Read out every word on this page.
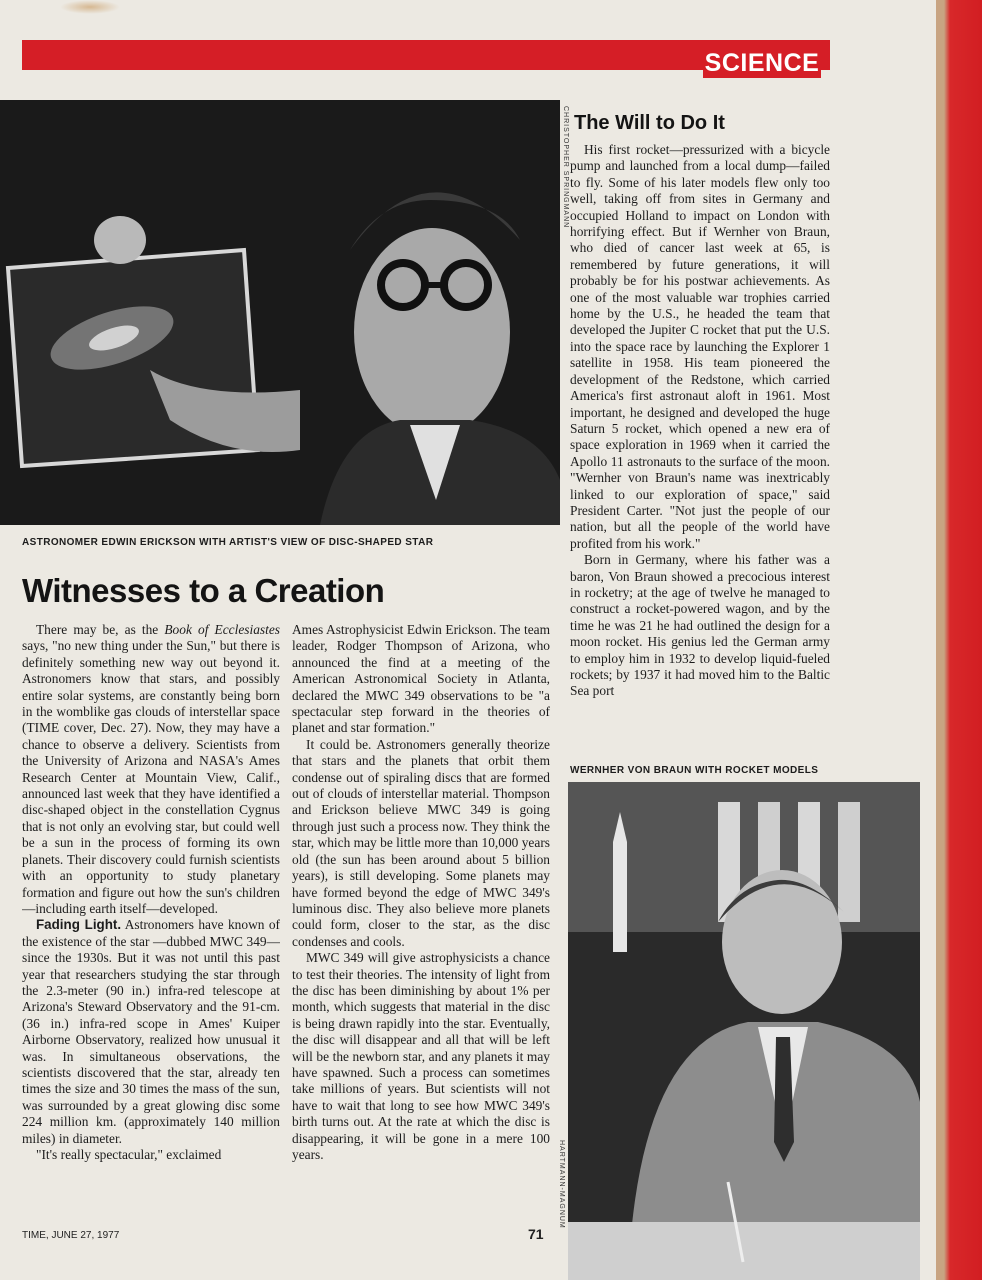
SCIENCE
CHRISTOPHER SPRINGMANN
ASTRONOMER EDWIN ERICKSON WITH ARTIST'S VIEW OF DISC-SHAPED STAR
Witnesses to a Creation

There may be, as the Book of Ecclesiastes says, "no new thing under the Sun," but there is definitely something new way out beyond it. Astronomers know that stars, and possibly entire solar systems, are constantly being born in the womblike gas clouds of interstellar space (TIME cover, Dec. 27). Now, they may have a chance to observe a delivery. Scientists from the University of Arizona and NASA's Ames Research Center at Mountain View, Calif., announced last week that they have identified a disc-shaped object in the constellation Cygnus that is not only an evolving star, but could well be a sun in the process of forming its own planets. Their discovery could furnish scientists with an opportunity to study planetary formation and figure out how the sun's children—including earth itself—developed.

Fading Light. Astronomers have known of the existence of the star —dubbed MWC 349—since the 1930s. But it was not until this past year that researchers studying the star through the 2.3-meter (90 in.) infra-red telescope at Arizona's Steward Observatory and the 91-cm. (36 in.) infra-red scope in Ames' Kuiper Airborne Observatory, realized how unusual it was. In simultaneous observations, the scientists discovered that the star, already ten times the size and 30 times the mass of the sun, was surrounded by a great glowing disc some 224 million km. (approximately 140 million miles) in diameter.

"It's really spectacular," exclaimed

Ames Astrophysicist Edwin Erickson. The team leader, Rodger Thompson of Arizona, who announced the find at a meeting of the American Astronomical Society in Atlanta, declared the MWC 349 observations to be "a spectacular step forward in the theories of planet and star formation."

It could be. Astronomers generally theorize that stars and the planets that orbit them condense out of spiraling discs that are formed out of clouds of interstellar material. Thompson and Erickson believe MWC 349 is going through just such a process now. They think the star, which may be little more than 10,000 years old (the sun has been around about 5 billion years), is still developing. Some planets may have formed beyond the edge of MWC 349's luminous disc. They also believe more planets could form, closer to the star, as the disc condenses and cools.

MWC 349 will give astrophysicists a chance to test their theories. The intensity of light from the disc has been diminishing by about 1% per month, which suggests that material in the disc is being drawn rapidly into the star. Eventually, the disc will disappear and all that will be left will be the newborn star, and any planets it may have spawned. Such a process can sometimes take millions of years. But scientists will not have to wait that long to see how MWC 349's birth turns out. At the rate at which the disc is disappearing, it will be gone in a mere 100 years.

The Will to Do It

His first rocket—pressurized with a bicycle pump and launched from a local dump—failed to fly. Some of his later models flew only too well, taking off from sites in Germany and occupied Holland to impact on London with horrifying effect. But if Wernher von Braun, who died of cancer last week at 65, is remembered by future generations, it will probably be for his postwar achievements. As one of the most valuable war trophies carried home by the U.S., he headed the team that developed the Jupiter C rocket that put the U.S. into the space race by launching the Explorer 1 satellite in 1958. His team pioneered the development of the Redstone, which carried America's first astronaut aloft in 1961. Most important, he designed and developed the huge Saturn 5 rocket, which opened a new era of space exploration in 1969 when it carried the Apollo 11 astronauts to the surface of the moon. "Wernher von Braun's name was inextricably linked to our exploration of space," said President Carter. "Not just the people of our nation, but all the people of the world have profited from his work."

Born in Germany, where his father was a baron, Von Braun showed a precocious interest in rocketry; at the age of twelve he managed to construct a rocket-powered wagon, and by the time he was 21 he had outlined the design for a moon rocket. His genius led the German army to employ him in 1932 to develop liquid-fueled rockets; by 1937 it had moved him to the Baltic Sea port

WERNHER VON BRAUN WITH ROCKET MODELS
HARTMANN-MAGNUM
TIME, JUNE 27, 1977	71
